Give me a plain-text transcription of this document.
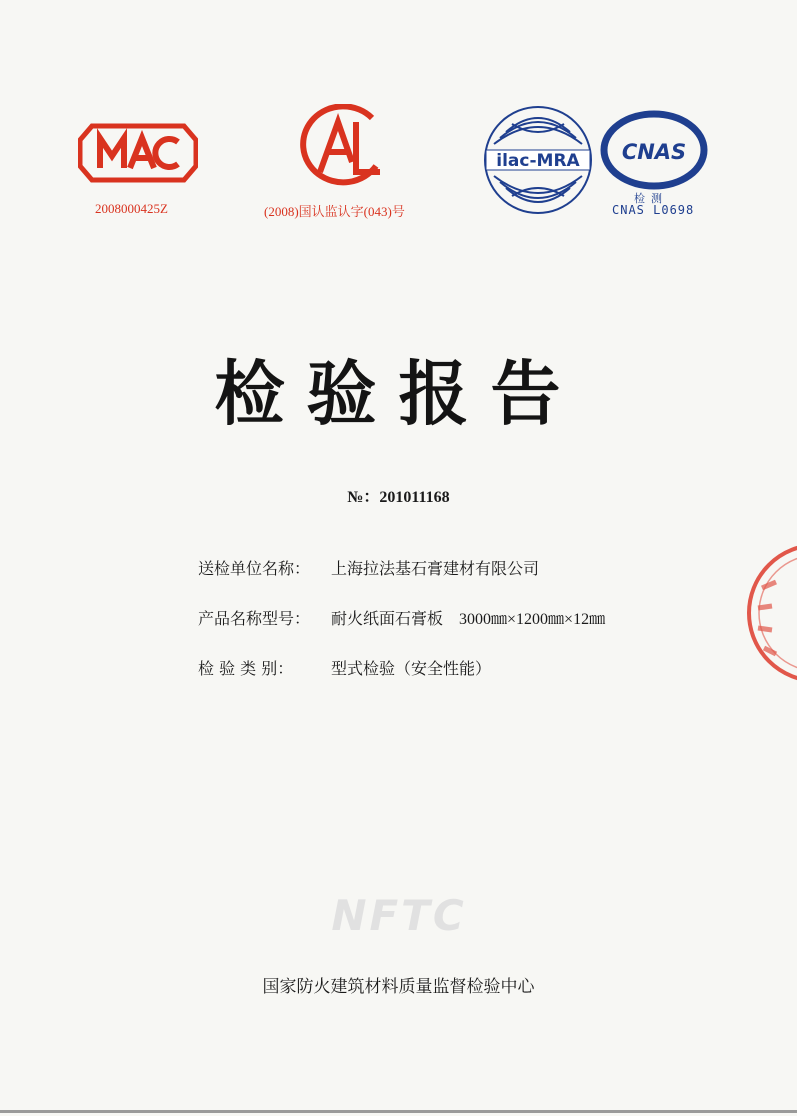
2008000425Z	(2008)国认监认字(043)号
ilac-MRA CNAS
检测
CNAS L0698
检验报告
№：201011168
送检单位名称： 上海拉法基石膏建材有限公司
产品名称型号： 耐火纸面石膏板 3000㎜×1200㎜×12㎜
检 验 类 别： 型式检验（安全性能）
NFTC
国家防火建筑材料质量监督检验中心
